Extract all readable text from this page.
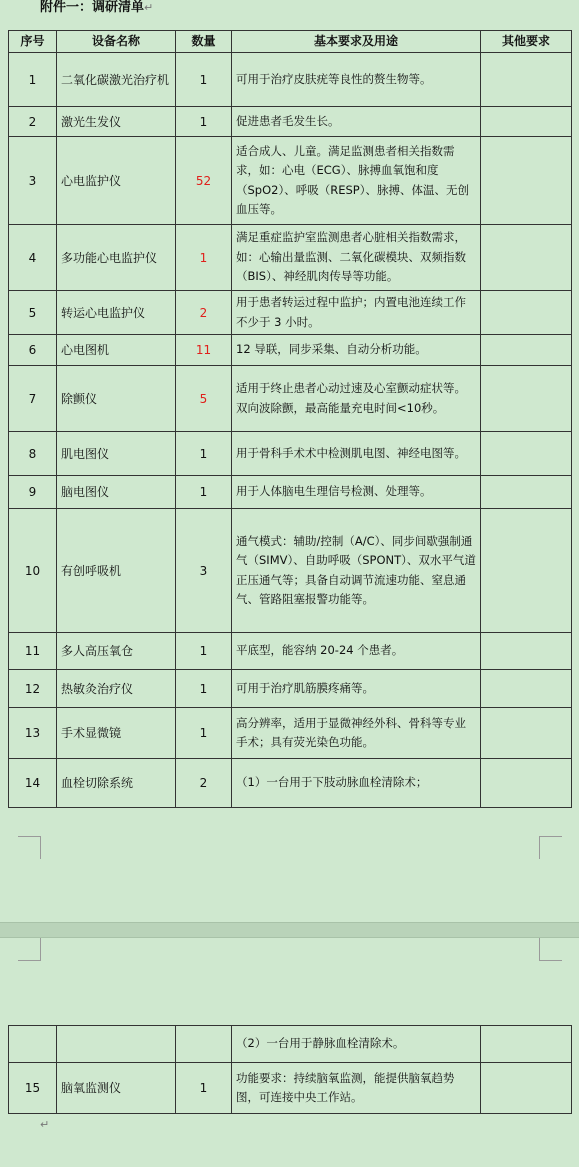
附件一：调研清单↵
序号	设备名称	数量	基本要求及用途	其他要求
1	二氧化碳激光治疗机	1	可用于治疗皮肤疣等良性的赘生物等。	
2	激光生发仪	1	促进患者毛发生长。	
3	心电监护仪	52	适合成人、儿童。满足监测患者相关指数需求，如：心电（ECG）、脉搏血氧饱和度（SpO2）、呼吸（RESP）、脉搏、体温、无创血压等。	
4	多功能心电监护仪	1	满足重症监护室监测患者心脏相关指数需求，如：心输出量监测、二氧化碳模块、双频指数（BIS）、神经肌肉传导等功能。	
5	转运心电监护仪	2	用于患者转运过程中监护；内置电池连续工作不少于 3 小时。	
6	心电图机	11	12 导联，同步采集、自动分析功能。	
7	除颤仪	5	适用于终止患者心动过速及心室颤动症状等。双向波除颤，最高能量充电时间<10秒。	
8	肌电图仪	1	用于骨科手术术中检测肌电图、神经电图等。	
9	脑电图仪	1	用于人体脑电生理信号检测、处理等。	
10	有创呼吸机	3	通气模式：辅助/控制（A/C）、同步间歇强制通气（SIMV）、自助呼吸（SPONT）、双水平气道正压通气等；具备自动调节流速功能、窒息通气、管路阻塞报警功能等。	
11	多人高压氧仓	1	平底型，能容纳 20-24 个患者。	
12	热敏灸治疗仪	1	可用于治疗肌筋膜疼痛等。	
13	手术显微镜	1	高分辨率，适用于显微神经外科、骨科等专业手术；具有荧光染色功能。	
14	血栓切除系统	2	（1）一台用于下肢动脉血栓清除术；	
			（2）一台用于静脉血栓清除术。	
15	脑氧监测仪	1	功能要求：持续脑氧监测，能提供脑氧趋势图，可连接中央工作站。	
↵
